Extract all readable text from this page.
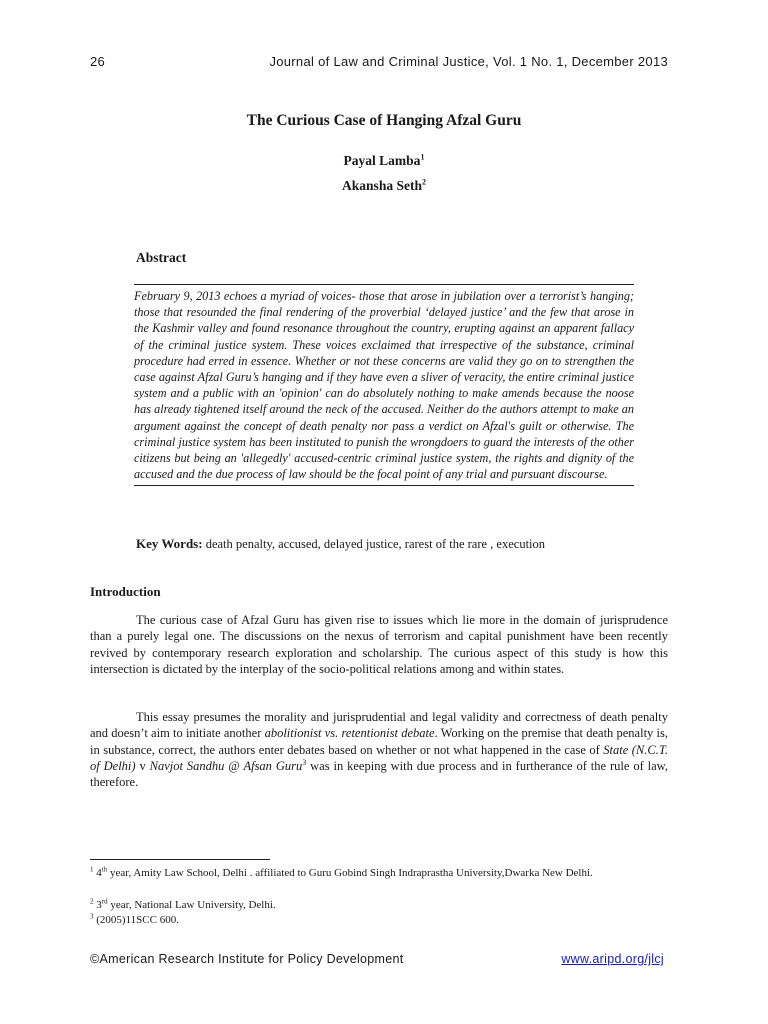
26	Journal of Law and Criminal Justice, Vol. 1 No. 1, December 2013
The Curious Case of Hanging Afzal Guru
Payal Lamba$^1$
Akansha Seth$^2$
Abstract

February 9, 2013 echoes a myriad of voices- those that arose in jubilation over a terrorist’s hanging; those that resounded the final rendering of the proverbial ‘delayed justice’ and the few that arose in the Kashmir valley and found resonance throughout the country, erupting against an apparent fallacy of the criminal justice system. These voices exclaimed that irrespective of the substance, criminal procedure had erred in essence. Whether or not these concerns are valid they go on to strengthen the case against Afzal Guru’s hanging and if they have even a sliver of veracity, the entire criminal justice system and a public with an 'opinion' can do absolutely nothing to make amends because the noose has already tightened itself around the neck of the accused. Neither do the authors attempt to make an argument against the concept of death penalty nor pass a verdict on Afzal's guilt or otherwise. The criminal justice system has been instituted to punish the wrongdoers to guard the interests of the other citizens but being an 'allegedly' accused-centric criminal justice system, the rights and dignity of the accused and the due process of law should be the focal point of any trial and pursuant discourse.

Key Words: death penalty, accused, delayed justice, rarest of the rare , execution
Introduction

The curious case of Afzal Guru has given rise to issues which lie more in the domain of jurisprudence than a purely legal one. The discussions on the nexus of terrorism and capital punishment have been recently revived by contemporary research exploration and scholarship. The curious aspect of this study is how this intersection is dictated by the interplay of the socio-political relations among and within states.

This essay presumes the morality and jurisprudential and legal validity and correctness of death penalty and doesn’t aim to initiate another abolitionist vs. retentionist debate. Working on the premise that death penalty is, in substance, correct, the authors enter debates based on whether or not what happened in the case of State (N.C.T. of Delhi) v Navjot Sandhu @ Afsan Guru$^3$ was in keeping with due process and in furtherance of the rule of law, therefore.

$^1$ 4th year, Amity Law School, Delhi . affiliated to Guru Gobind Singh Indraprastha University,Dwarka New Delhi.

$^2$ 3rd year, National Law University, Delhi.

$^3$ (2005)11SCC 600.

©American Research Institute for Policy Development	www.aripd.org/jlcj
